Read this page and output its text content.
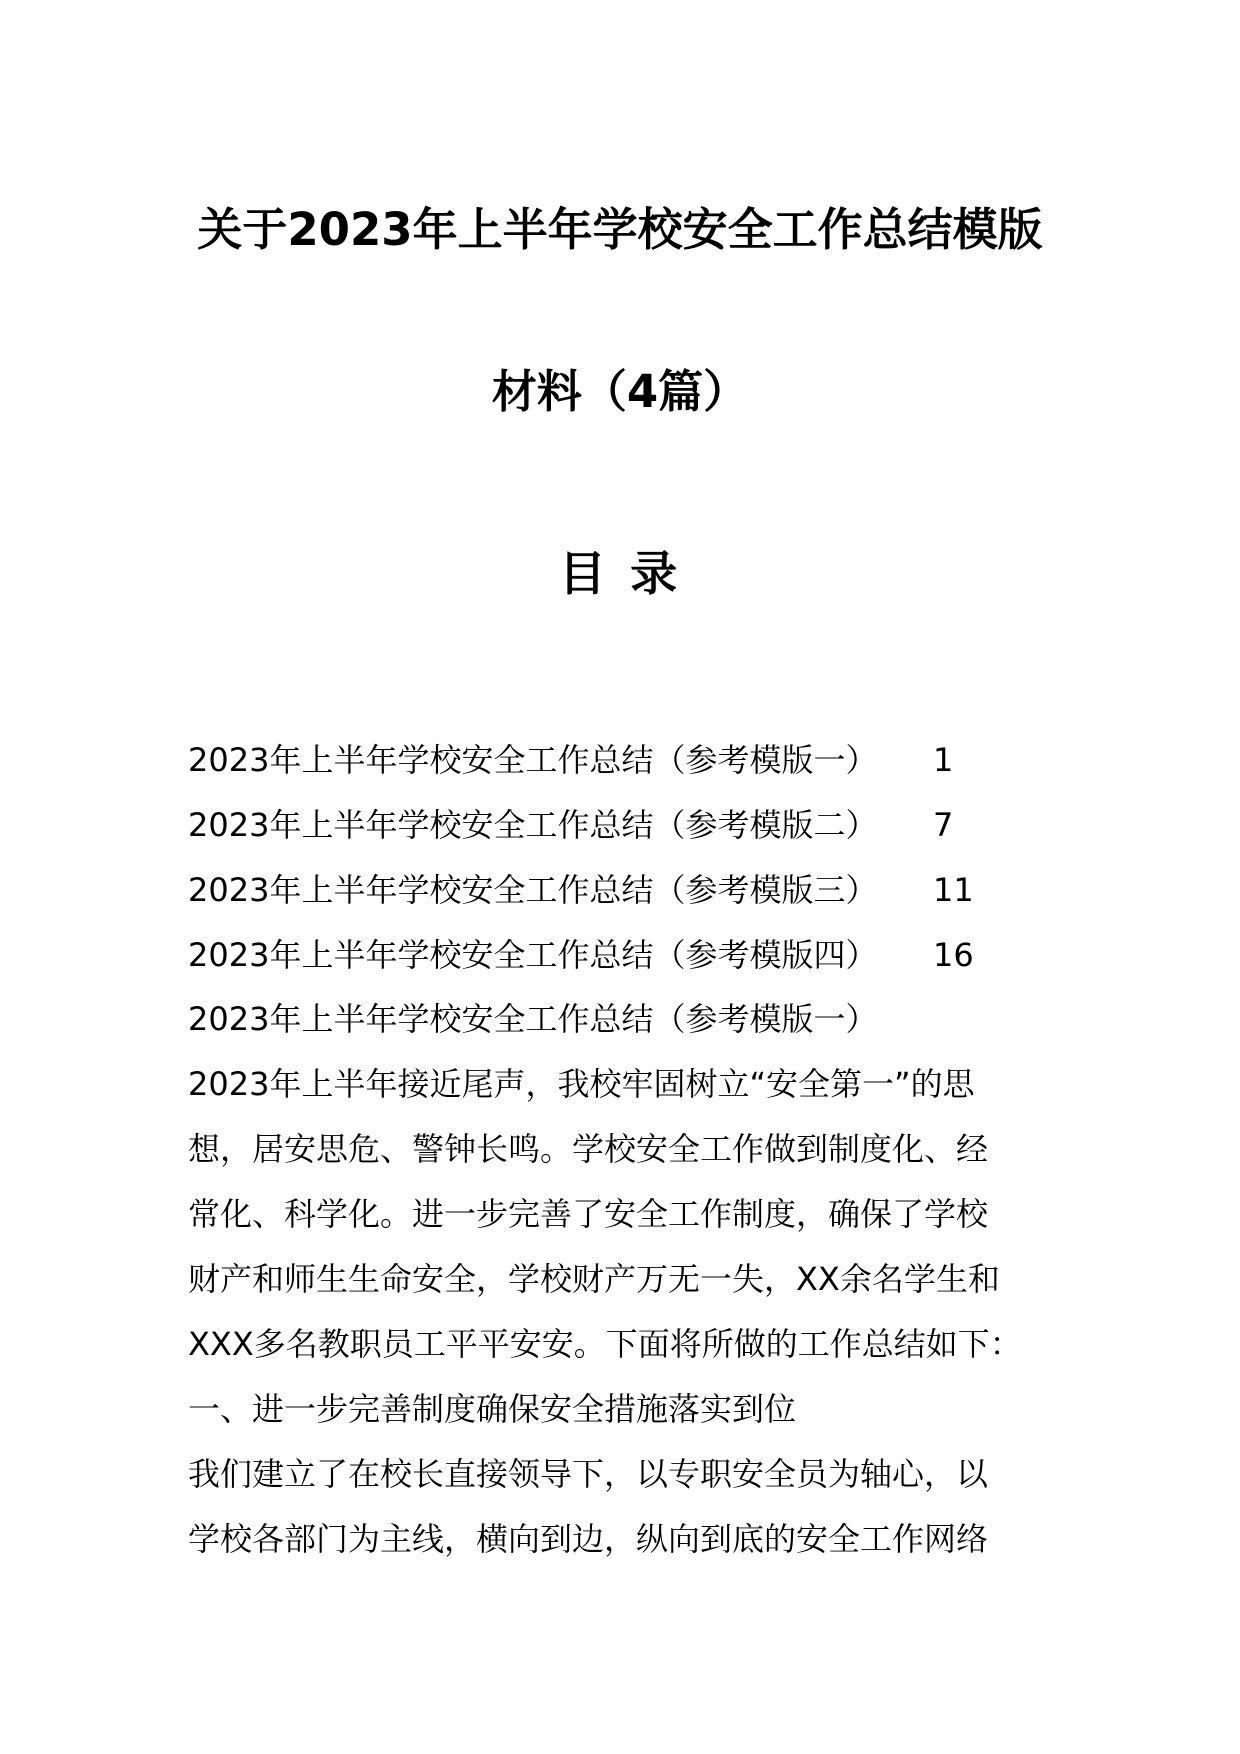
关于2023年上半年学校安全工作总结模版
材料（4篇）
目 录
2023年上半年学校安全工作总结（参考模版一） 1
2023年上半年学校安全工作总结（参考模版二） 7
2023年上半年学校安全工作总结（参考模版三） 11
2023年上半年学校安全工作总结（参考模版四） 16

2023年上半年学校安全工作总结（参考模版一）

2023年上半年接近尾声，我校牢固树立“安全第一”的思

想，居安思危、警钟长鸣。学校安全工作做到制度化、经

常化、科学化。进一步完善了安全工作制度，确保了学校

财产和师生生命安全，学校财产万无一失，XX余名学生和

XXX多名教职员工平平安安。下面将所做的工作总结如下：

一、进一步完善制度确保安全措施落实到位

我们建立了在校长直接领导下，以专职安全员为轴心，以

学校各部门为主线，横向到边，纵向到底的安全工作网络
